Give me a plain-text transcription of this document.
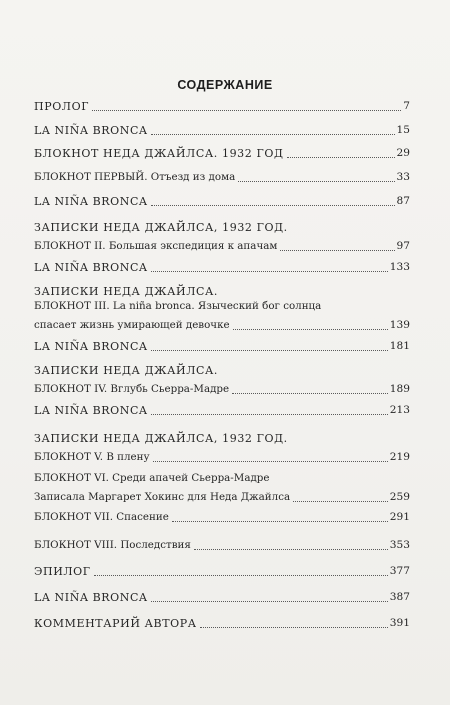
СОДЕРЖАНИЕ
ПРОЛОГ	7
LA NIÑA BRONCA	15
БЛОКНОТ НЕДА ДЖАЙЛСА. 1932 ГОД	29
БЛОКНОТ ПЕРВЫЙ. Отъезд из дома	33
LA NIÑA BRONCA	87
ЗАПИСКИ НЕДА ДЖАЙЛСА, 1932 ГОД.
БЛОКНОТ II. Большая экспедиция к апачам	97
LA NIÑA BRONCA	133
ЗАПИСКИ НЕДА ДЖАЙЛСА.
БЛОКНОТ III. La niña bronca. Языческий бог солнца
спасает жизнь умирающей девочке	139
LA NIÑA BRONCA	181
ЗАПИСКИ НЕДА ДЖАЙЛСА.
БЛОКНОТ IV. Вглубь Сьерра-Мадре	189
LA NIÑA BRONCA	213
ЗАПИСКИ НЕДА ДЖАЙЛСА, 1932 ГОД.
БЛОКНОТ V. В плену	219
БЛОКНОТ VI. Среди апачей Сьерра-Мадре
Записала Маргарет Хокинс для Неда Джайлса	259
БЛОКНОТ VII. Спасение	291
БЛОКНОТ VIII. Последствия	353
ЭПИЛОГ	377
LA NIÑA BRONCA	387
КОММЕНТАРИЙ АВТОРА	391
